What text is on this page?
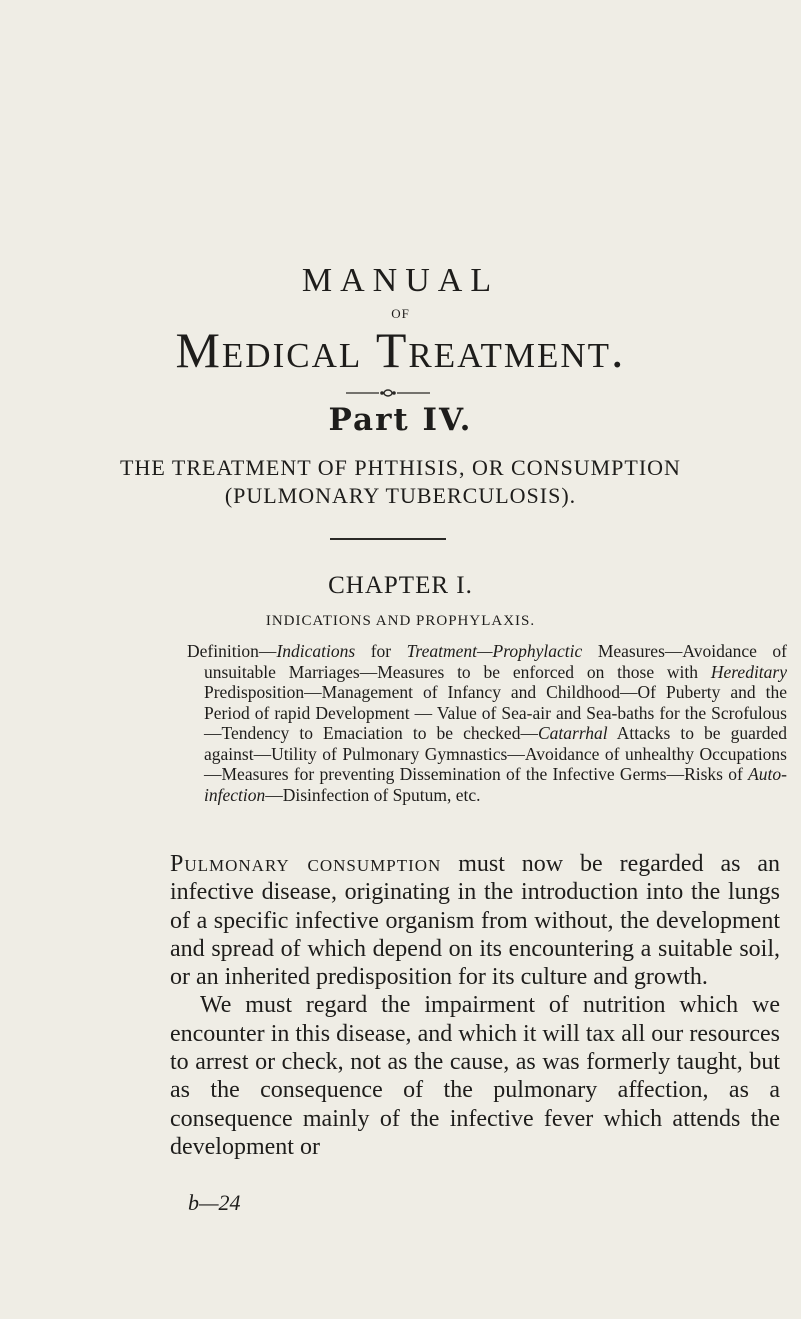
MANUAL
OF
Medical Treatment.
Part IV.
THE TREATMENT OF PHTHISIS, OR CONSUMPTION
(PULMONARY TUBERCULOSIS).
CHAPTER I.
INDICATIONS AND PROPHYLAXIS.
Definition—Indications for Treatment—Prophylactic Measures—Avoidance of unsuitable Marriages—Measures to be enforced on those with Hereditary Predisposition—Management of Infancy and Childhood—Of Puberty and the Period of rapid Development — Value of Sea-air and Sea-baths for the Scrofulous—Tendency to Emaciation to be checked—Catarrhal Attacks to be guarded against—Utility of Pulmonary Gymnastics—Avoidance of unhealthy Occupations—Measures for preventing Dissemination of the Infective Germs—Risks of Auto-infection—Disinfection of Sputum, etc.

Pulmonary consumption must now be regarded as an infective disease, originating in the introduction into the lungs of a specific infective organism from without, the development and spread of which depend on its encountering a suitable soil, or an inherited predisposition for its culture and growth.

We must regard the impairment of nutrition which we encounter in this disease, and which it will tax all our resources to arrest or check, not as the cause, as was formerly taught, but as the consequence of the pulmonary affection, as a consequence mainly of the infective fever which attends the development or

b—24
